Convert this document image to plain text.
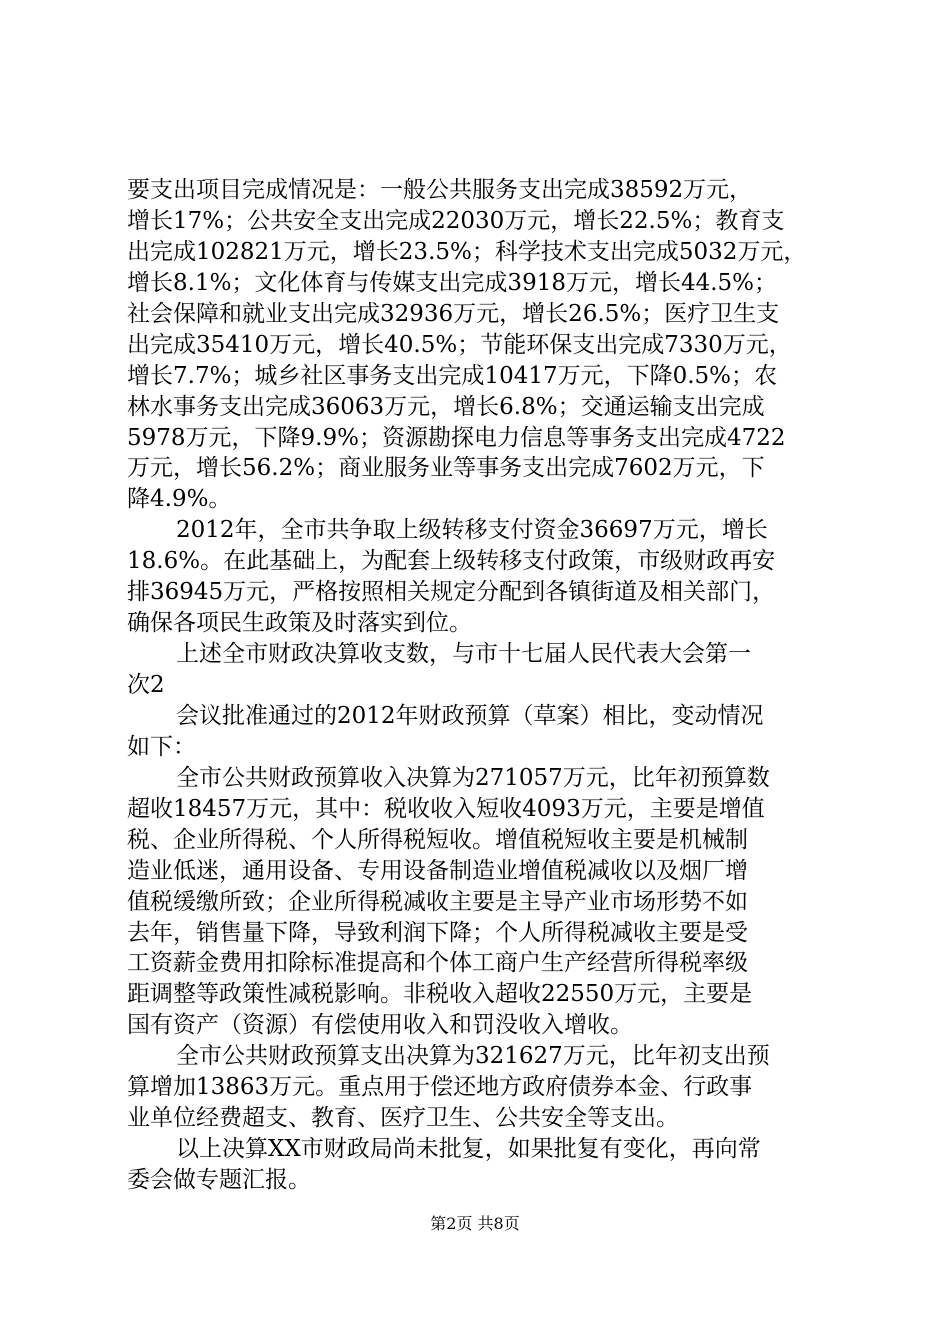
要支出项目完成情况是：一般公共服务支出完成38592万元，
增长17%；公共安全支出完成22030万元，增长22.5%；教育支
出完成102821万元，增长23.5%；科学技术支出完成5032万元，
增长8.1%；文化体育与传媒支出完成3918万元，增长44.5%；
社会保障和就业支出完成32936万元，增长26.5%；医疗卫生支
出完成35410万元，增长40.5%；节能环保支出完成7330万元，
增长7.7%；城乡社区事务支出完成10417万元，下降0.5%；农
林水事务支出完成36063万元，增长6.8%；交通运输支出完成
5978万元，下降9.9%；资源勘探电力信息等事务支出完成4722
万元，增长56.2%；商业服务业等事务支出完成7602万元，下
降4.9%。
2012年，全市共争取上级转移支付资金36697万元，增长
18.6%。在此基础上，为配套上级转移支付政策，市级财政再安
排36945万元，严格按照相关规定分配到各镇街道及相关部门，
确保各项民生政策及时落实到位。
上述全市财政决算收支数，与市十七届人民代表大会第一
次2
会议批准通过的2012年财政预算（草案）相比，变动情况
如下：
全市公共财政预算收入决算为271057万元，比年初预算数
超收18457万元，其中：税收收入短收4093万元，主要是增值
税、企业所得税、个人所得税短收。增值税短收主要是机械制
造业低迷，通用设备、专用设备制造业增值税减收以及烟厂增
值税缓缴所致；企业所得税减收主要是主导产业市场形势不如
去年，销售量下降，导致利润下降；个人所得税减收主要是受
工资薪金费用扣除标准提高和个体工商户生产经营所得税率级
距调整等政策性减税影响。非税收入超收22550万元，主要是
国有资产（资源）有偿使用收入和罚没收入增收。
全市公共财政预算支出决算为321627万元，比年初支出预
算增加13863万元。重点用于偿还地方政府债券本金、行政事
业单位经费超支、教育、医疗卫生、公共安全等支出。
以上决算XX市财政局尚未批复，如果批复有变化，再向常
委会做专题汇报。
第2页 共8页
